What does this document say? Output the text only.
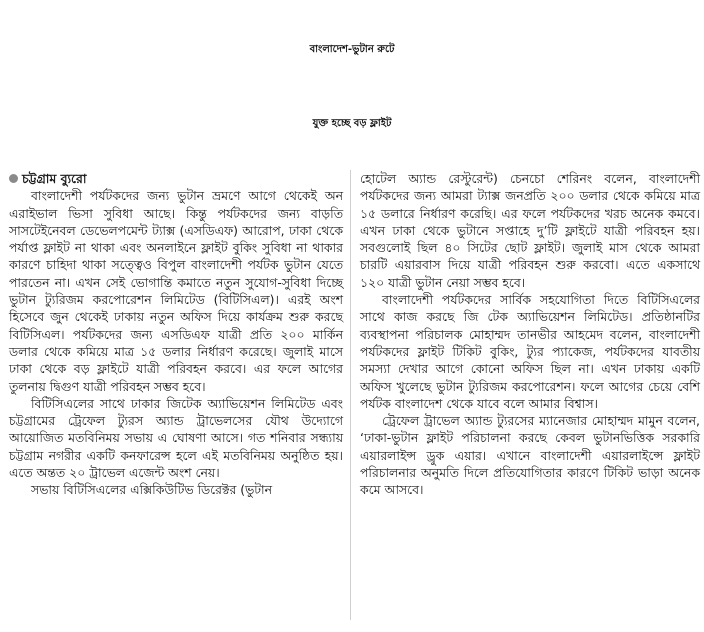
বাংলাদেশ-ভুটান রুটে
যুক্ত হচ্ছে বড় ফ্লাইট
চট্টগ্রাম ব্যুরো

বাংলাদেশী পর্যটকদের জন্য ভুটান ভ্রমণে আগে থেকেই অন এরাইভাল ভিসা সুবিধা আছে। কিন্তু পর্যটকদের জন্য বাড়তি সাসটেইনেবল ডেভেলপমেন্ট ট্যাক্স (এসডিএফ) আরোপ, ঢাকা থেকে পর্যাপ্ত ফ্লাইট না থাকা এবং অনলাইনে ফ্লাইট বুকিং সুবিধা না থাকার কারণে চাহিদা থাকা সত্ত্বেও বিপুল বাংলাদেশী পর্যটক ভুটান যেতে পারতেন না। এখন সেই ভোগান্তি কমাতে নতুন সুযোগ-সুবিধা দিচ্ছে ভুটান ট্যুরিজম করপোরেশন লিমিটেড (বিটিসিএল)। এরই অংশ হিসেবে জুন থেকেই ঢাকায় নতুন অফিস দিয়ে কার্যক্রম শুরু করছে বিটিসিএল। পর্যটকদের জন্য এসডিএফ যাত্রী প্রতি ২০০ মার্কিন ডলার থেকে কমিয়ে মাত্র ১৫ ডলার নির্ধারণ করেছে। জুলাই মাসে ঢাকা থেকে বড় ফ্লাইটে যাত্রী পরিবহন করবে। এর ফলে আগের তুলনায় দ্বিগুণ যাত্রী পরিবহন সম্ভব হবে।

বিটিসিএলের সাথে ঢাকার জিটেক অ্যাভিয়েশন লিমিটেড এবং চট্টগ্রামের ট্রেফেল ট্যুরস অ্যান্ড ট্রাভেলসের যৌথ উদ্যোগে আয়োজিত মতবিনিময় সভায় এ ঘোষণা আসে। গত শনিবার সন্ধ্যায় চট্টগ্রাম নগরীর একটি কনফারেন্স হলে এই মতবিনিময় অনুষ্ঠিত হয়। এতে অন্তত ২০ ট্রাভেল এজেন্ট অংশ নেয়।

সভায় বিটিসিএলের এক্সিকিউটিভ ডিরেক্টর (ভুটান

হোটেল অ্যান্ড রেস্টুরেন্ট) চেনচো শেরিনং বলেন, বাংলাদেশী পর্যটকদের জন্য আমরা ট্যাক্স জনপ্রতি ২০০ ডলার থেকে কমিয়ে মাত্র ১৫ ডলারে নির্ধারণ করেছি। এর ফলে পর্যটকদের খরচ অনেক কমবে। এখন ঢাকা থেকে ভুটানে সপ্তাহে দু’টি ফ্লাইটে যাত্রী পরিবহন হয়। সবগুলোই ছিল ৪০ সিটের ছোট ফ্লাইট। জুলাই মাস থেকে আমরা চারটি এয়ারবাস দিয়ে যাত্রী পরিবহন শুরু করবো। এতে একসাথে ১২০ যাত্রী ভুটান নেয়া সম্ভব হবে।

বাংলাদেশী পর্যটকদের সার্বিক সহযোগিতা দিতে বিটিসিএলের সাথে কাজ করছে জি টেক অ্যাভিয়েশন লিমিটেড। প্রতিষ্ঠানটির ব্যবস্থাপনা পরিচালক মোহাম্মদ তানভীর আহমেদ বলেন, বাংলাদেশী পর্যটকদের ফ্লাইট টিকিট বুকিং, ট্যুর প্যাকেজ, পর্যটকদের যাবতীয় সমস্যা দেখার আগে কোনো অফিস ছিল না। এখন ঢাকায় একটি অফিস খুলেছে ভুটান ট্যুরিজম করপোরেশন। ফলে আগের চেয়ে বেশি পর্যটক বাংলাদেশ থেকে যাবে বলে আমার বিশ্বাস।

ট্রেফেল ট্রাভেল অ্যান্ড ট্যুরসের ম্যানেজার মোহাম্মদ মামুন বলেন, ‘ঢাকা-ভুটান ফ্লাইট পরিচালনা করছে কেবল ভুটানভিত্তিক সরকারি এয়ারলাইন্স ড্রুক এয়ার। এখানে বাংলাদেশী এয়ারলাইন্সে ফ্লাইট পরিচালনার অনুমতি দিলে প্রতিযোগিতার কারণে টিকিট ভাড়া অনেক কমে আসবে।
